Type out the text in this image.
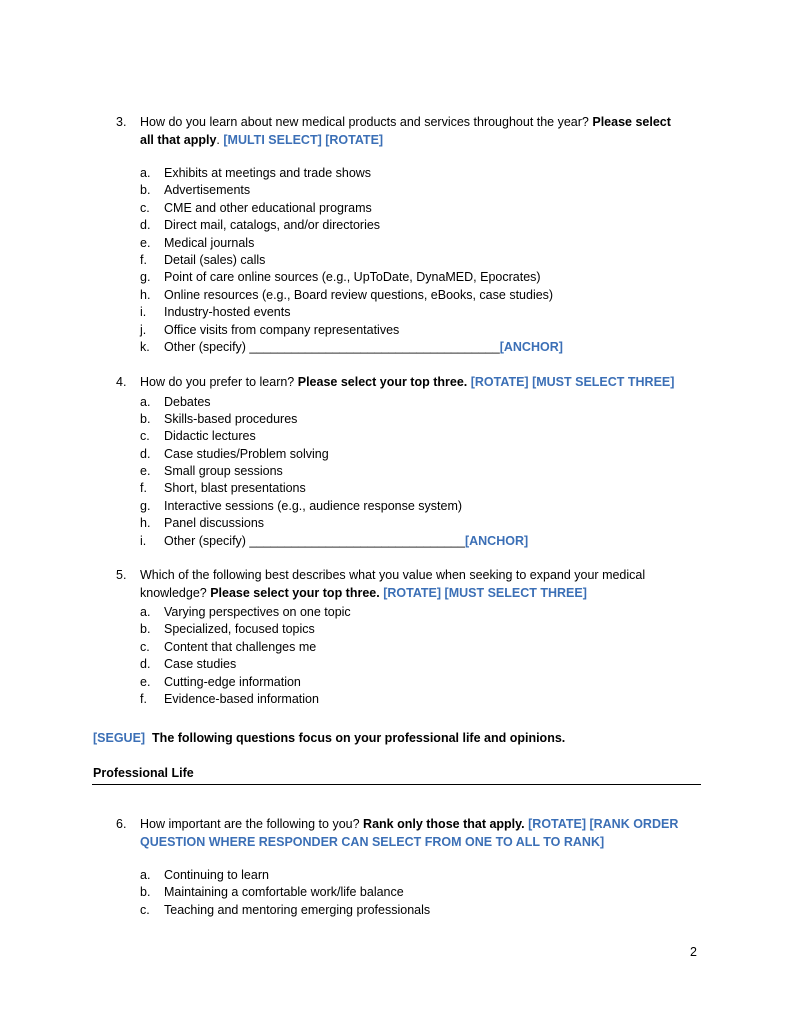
3. How do you learn about new medical products and services throughout the year? Please select
all that apply. [MULTI SELECT] [ROTATE]
a. Exhibits at meetings and trade shows
b. Advertisements
c. CME and other educational programs
d. Direct mail, catalogs, and/or directories
e. Medical journals
f. Detail (sales) calls
g. Point of care online sources (e.g., UpToDate, DynaMED, Epocrates)
h. Online resources (e.g., Board review questions, eBooks, case studies)
i. Industry-hosted events
j. Office visits from company representatives
k. Other (specify) ____________________________________[ANCHOR]
4. How do you prefer to learn? Please select your top three. [ROTATE] [MUST SELECT THREE]
a. Debates
b. Skills-based procedures
c. Didactic lectures
d. Case studies/Problem solving
e. Small group sessions
f. Short, blast presentations
g. Interactive sessions (e.g., audience response system)
h. Panel discussions
i. Other (specify) _______________________________[ANCHOR]
5. Which of the following best describes what you value when seeking to expand your medical
knowledge? Please select your top three. [ROTATE] [MUST SELECT THREE]
a. Varying perspectives on one topic
b. Specialized, focused topics
c. Content that challenges me
d. Case studies
e. Cutting-edge information
f. Evidence-based information
[SEGUE] The following questions focus on your professional life and opinions.
Professional Life
6. How important are the following to you? Rank only those that apply. [ROTATE] [RANK ORDER
QUESTION WHERE RESPONDER CAN SELECT FROM ONE TO ALL TO RANK]
a. Continuing to learn
b. Maintaining a comfortable work/life balance
c. Teaching and mentoring emerging professionals
2
